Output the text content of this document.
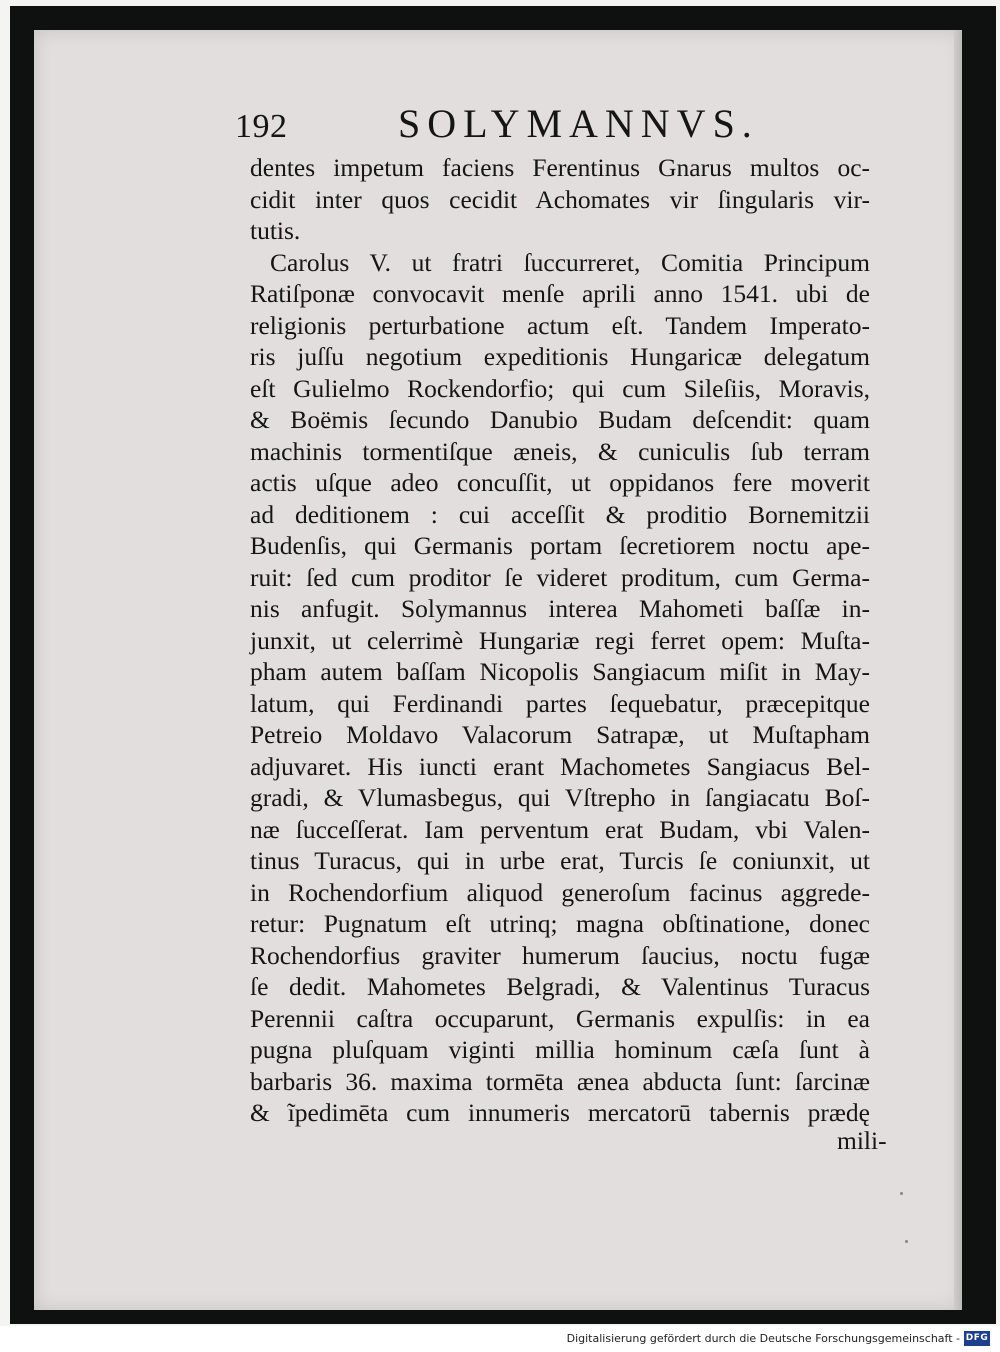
192	SOLYMANNVS.
dentes impetum faciens Ferentinus Gnarus multos oc-
cidit inter quos cecidit Achomates vir ſingularis vir-
tutis.
Carolus V. ut fratri ſuccurreret, Comitia Principum
Ratiſponæ convocavit menſe aprili anno 1541. ubi de
religionis perturbatione actum eſt. Tandem Imperato-
ris juſſu negotium expeditionis Hungaricæ delegatum
eſt Gulielmo Rockendorfio; qui cum Sileſiis, Moravis,
& Boëmis ſecundo Danubio Budam deſcendit: quam
machinis tormentiſque æneis, & cuniculis ſub terram
actis uſque adeo concuſſit, ut oppidanos fere moverit
ad deditionem : cui acceſſit & proditio Bornemitzii
Budenſis, qui Germanis portam ſecretiorem noctu ape-
ruit: ſed cum proditor ſe videret proditum, cum Germa-
nis anfugit. Solymannus interea Mahometi baſſæ in-
junxit, ut celerrimè Hungariæ regi ferret opem: Muſta-
pham autem baſſam Nicopolis Sangiacum miſit in May-
latum, qui Ferdinandi partes ſequebatur, præcepitque
Petreio Moldavo Valacorum Satrapæ, ut Muſtapham
adjuvaret. His iuncti erant Machometes Sangiacus Bel-
gradi, & Vlumasbegus, qui Vſtrepho in ſangiacatu Boſ-
næ ſucceſſerat. Iam perventum erat Budam, vbi Valen-
tinus Turacus, qui in urbe erat, Turcis ſe coniunxit, ut
in Rochendorfium aliquod generoſum facinus aggrede-
retur: Pugnatum eſt utrinq; magna obſtinatione, donec
Rochendorfius graviter humerum ſaucius, noctu fugæ
ſe dedit. Mahometes Belgradi, & Valentinus Turacus
Perennii caſtra occuparunt, Germanis expulſis: in ea
pugna pluſquam viginti millia hominum cæſa ſunt à
barbaris 36. maxima tormēta ænea abducta ſunt: ſarcinæ
& ĩpedimēta cum innumeris mercatorū tabernis prædę
mili-
Digitalisierung gefördert durch die Deutsche Forschungsgemeinschaft - DFG
